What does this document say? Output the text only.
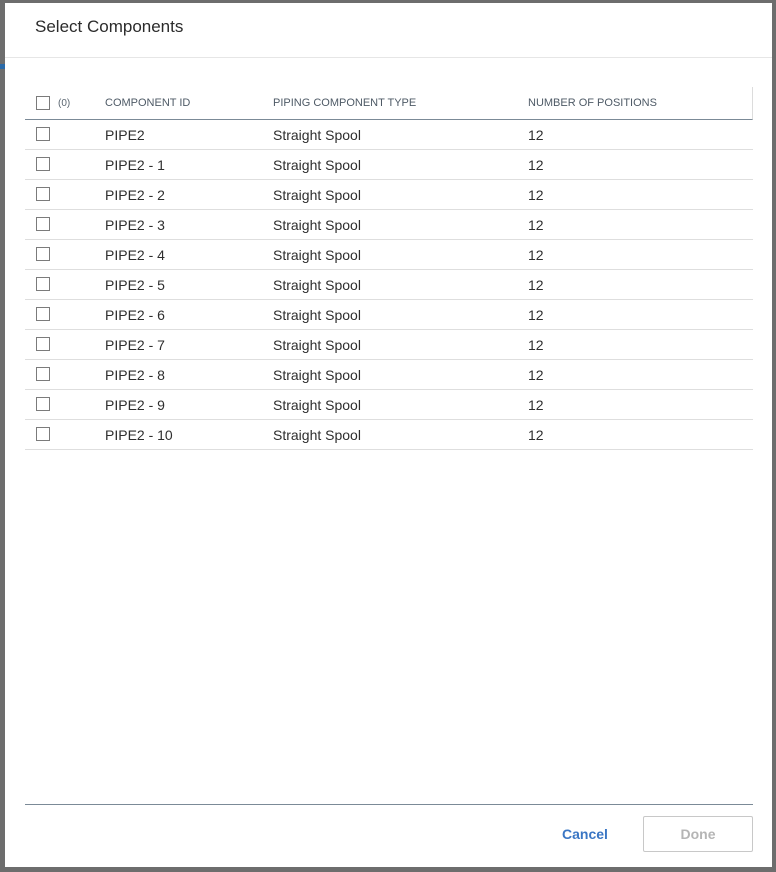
Select Components
(0)	COMPONENT ID	PIPING COMPONENT TYPE	NUMBER OF POSITIONS
PIPE2	Straight Spool	12
PIPE2 - 1	Straight Spool	12
PIPE2 - 2	Straight Spool	12
PIPE2 - 3	Straight Spool	12
PIPE2 - 4	Straight Spool	12
PIPE2 - 5	Straight Spool	12
PIPE2 - 6	Straight Spool	12
PIPE2 - 7	Straight Spool	12
PIPE2 - 8	Straight Spool	12
PIPE2 - 9	Straight Spool	12
PIPE2 - 10	Straight Spool	12
Cancel	Done
